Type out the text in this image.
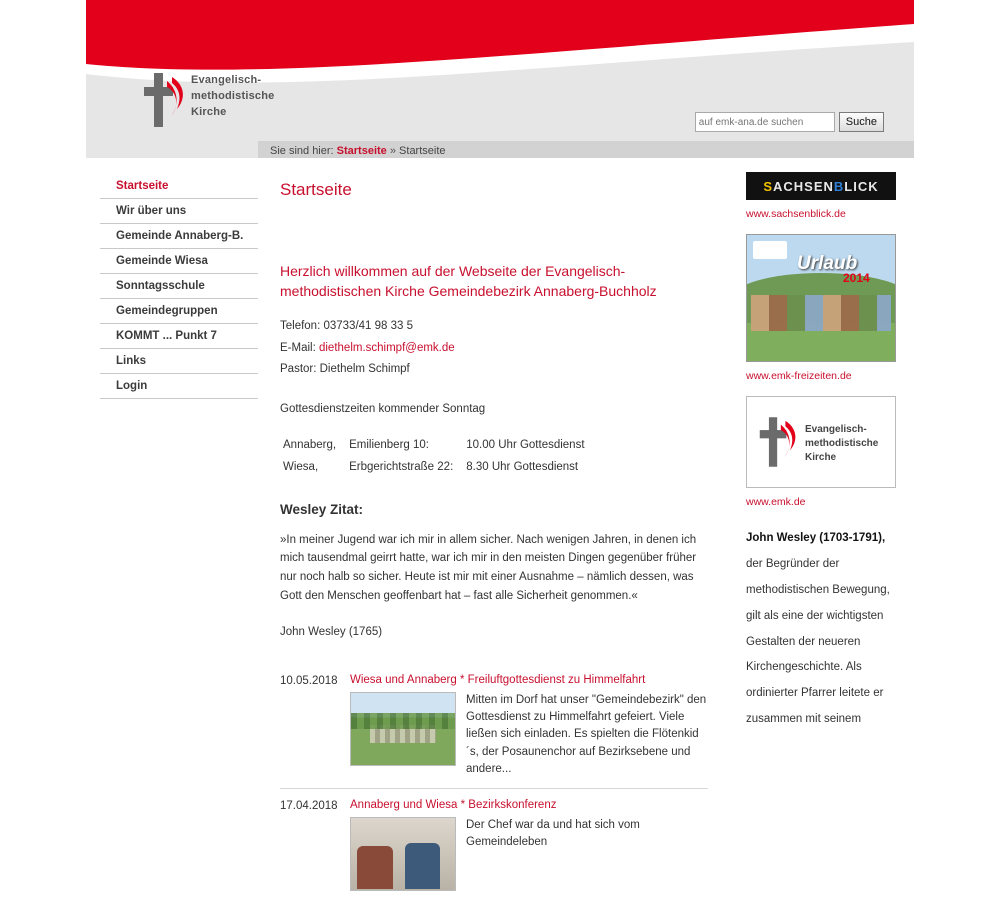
Evangelisch-
methodistische
Kirche
auf emk-ana.de suchen
Suche
Sie sind hier: Startseite » Startseite
Startseite
Wir über uns
Gemeinde Annaberg-B.
Gemeinde Wiesa
Sonntagsschule
Gemeindegruppen
KOMMT ... Punkt 7
Links
Login
Startseite
Herzlich willkommen auf der Webseite der Evangelisch-methodistischen Kirche Gemeindebezirk Annaberg-Buchholz

Telefon: 03733/41 98 33 5

E-Mail: diethelm.schimpf@emk.de

Pastor: Diethelm Schimpf

Gottesdienstzeiten kommender Sonntag

Annaberg,	Emilienberg 10:	10.00 Uhr Gottesdienst
Wiesa,	Erbgerichtstraße 22:	8.30 Uhr Gottesdienst
Wesley Zitat:

»In meiner Jugend war ich mir in allem sicher. Nach wenigen Jahren, in denen ich mich tausendmal geirrt hatte, war ich mir in den meisten Dingen gegenüber früher nur noch halb so sicher. Heute ist mir mit einer Ausnahme – nämlich dessen, was Gott den Menschen geoffenbart hat – fast alle Sicherheit genommen.«

John Wesley (1765)

10.05.2018	Wiesa und Annaberg * Freiluftgottesdienst zu Himmelfahrt
Mitten im Dorf hat unser "Gemeindebezirk" den Gottesdienst zu Himmelfahrt gefeiert. Viele ließen sich einladen. Es spielten die Flötenkid´s, der Posaunenchor auf Bezirksebene und andere...
17.04.2018	Annaberg und Wiesa * Bezirkskonferenz
Der Chef war da und hat sich vom Gemeindeleben
SACHSENBLICK
www.sachsenblick.de
Urlaub
2014
www.emk-freizeiten.de
Evangelisch-
methodistische
Kirche
www.emk.de
John Wesley (1703-1791), der Begründer der methodistischen Bewegung, gilt als eine der wichtigsten Gestalten der neueren Kirchengeschichte. Als ordinierter Pfarrer leitete er zusammen mit seinem
